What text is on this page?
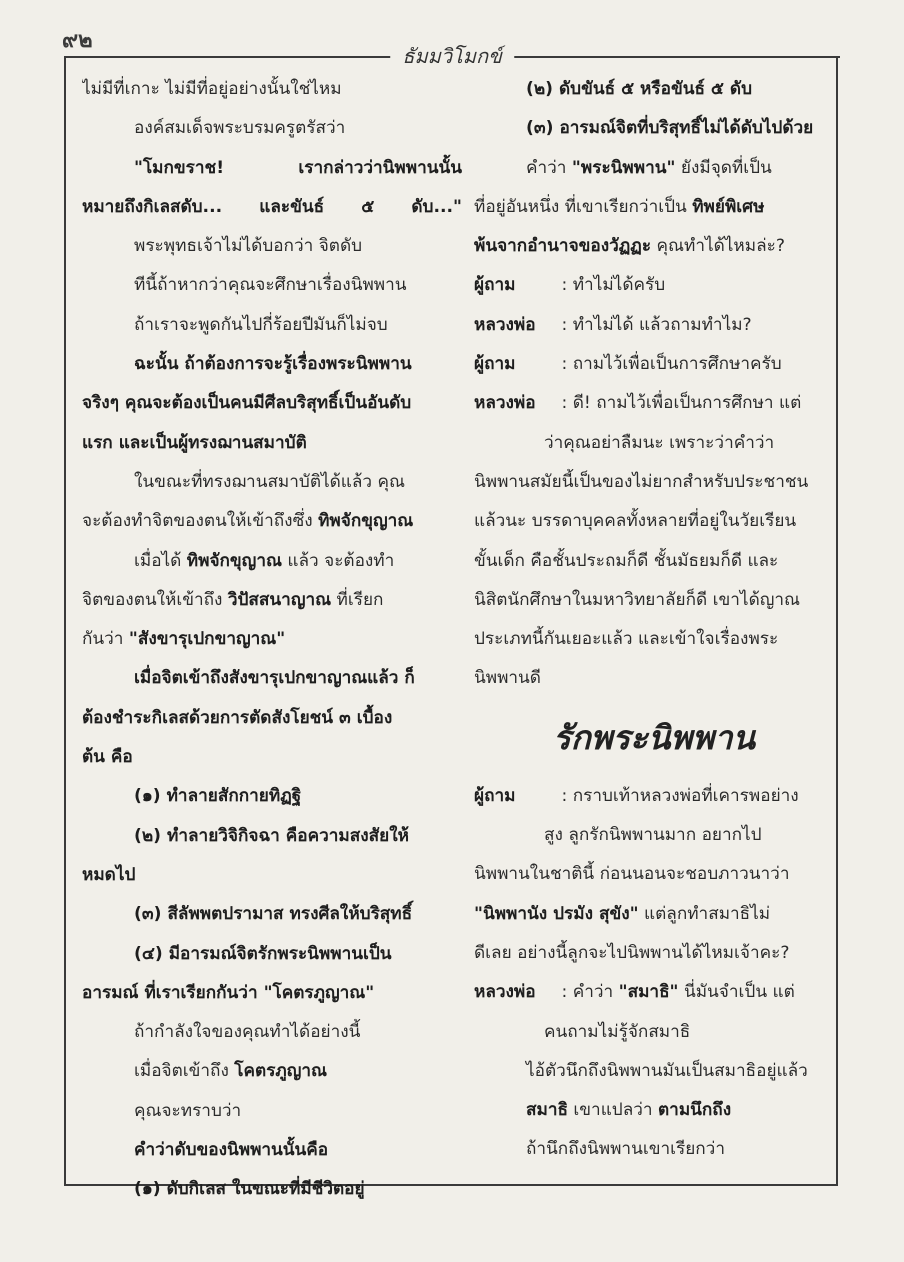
๙๒
ธัมมวิโมกข์
ไม่มีที่เกาะ ไม่มีที่อยู่อย่างนั้นใช่ไหม
องค์สมเด็จพระบรมครูตรัสว่า
"โมกขราช! เรากล่าวว่านิพพานนั้น
หมายถึงกิเลสดับ... และขันธ์ ๕ ดับ..."
พระพุทธเจ้าไม่ได้บอกว่า จิตดับ
ทีนี้ถ้าหากว่าคุณจะศึกษาเรื่องนิพพาน
ถ้าเราจะพูดกันไปกี่ร้อยปีมันก็ไม่จบ
ฉะนั้น ถ้าต้องการจะรู้เรื่องพระนิพพาน
จริงๆ คุณจะต้องเป็นคนมีศีลบริสุทธิ์เป็นอันดับ
แรก และเป็นผู้ทรงฌานสมาบัติ
ในขณะที่ทรงฌานสมาบัติได้แล้ว คุณ
จะต้องทำจิตของตนให้เข้าถึงซึ่ง ทิพจักขุญาณ
เมื่อได้ ทิพจักขุญาณ แล้ว จะต้องทำ
จิตของตนให้เข้าถึง วิปัสสนาญาณ ที่เรียก
กันว่า "สังขารุเปกขาญาณ"
เมื่อจิตเข้าถึงสังขารุเปกขาญาณแล้ว ก็
ต้องชำระกิเลสด้วยการตัดสังโยชน์ ๓ เบื้อง
ต้น คือ
(๑) ทำลายสักกายทิฏฐิ
(๒) ทำลายวิจิกิจฉา คือความสงสัยให้
หมดไป
(๓) สีลัพพตปรามาส ทรงศีลให้บริสุทธิ์
(๔) มีอารมณ์จิตรักพระนิพพานเป็น
อารมณ์ ที่เราเรียกกันว่า "โคตรภูญาณ"
ถ้ากำลังใจของคุณทำได้อย่างนี้
เมื่อจิตเข้าถึง โคตรภูญาณ
คุณจะทราบว่า
คำว่าดับของนิพพานนั้นคือ
(๑) ดับกิเลส ในขณะที่มีชีวิตอยู่
(๒) ดับขันธ์ ๕ หรือขันธ์ ๕ ดับ
(๓) อารมณ์จิตที่บริสุทธิ์ไม่ได้ดับไปด้วย
คำว่า "พระนิพพาน" ยังมีจุดที่เป็น
ที่อยู่อันหนึ่ง ที่เขาเรียกว่าเป็น ทิพย์พิเศษ
พ้นจากอำนาจของวัฏฏะ คุณทำได้ไหมล่ะ?
ผู้ถาม : ทำไม่ได้ครับ
หลวงพ่อ : ทำไม่ได้ แล้วถามทำไม?
ผู้ถาม : ถามไว้เพื่อเป็นการศึกษาครับ
หลวงพ่อ : ดี! ถามไว้เพื่อเป็นการศึกษา แต่
ว่าคุณอย่าลืมนะ เพราะว่าคำว่า
นิพพานสมัยนี้เป็นของไม่ยากสำหรับประชาชน
แล้วนะ บรรดาบุคคลทั้งหลายที่อยู่ในวัยเรียน
ขั้นเด็ก คือชั้นประถมก็ดี ชั้นมัธยมก็ดี และ
นิสิตนักศึกษาในมหาวิทยาลัยก็ดี เขาได้ญาณ
ประเภทนี้กันเยอะแล้ว และเข้าใจเรื่องพระ
นิพพานดี
รักพระนิพพาน
ผู้ถาม : กราบเท้าหลวงพ่อที่เคารพอย่าง
สูง ลูกรักนิพพานมาก อยากไป
นิพพานในชาตินี้ ก่อนนอนจะชอบภาวนาว่า
"นิพพานัง ปรมัง สุขัง" แต่ลูกทำสมาธิไม่
ดีเลย อย่างนี้ลูกจะไปนิพพานได้ไหมเจ้าคะ?
หลวงพ่อ : คำว่า "สมาธิ" นี่มันจำเป็น แต่
คนถามไม่รู้จักสมาธิ
ไอ้ตัวนึกถึงนิพพานมันเป็นสมาธิอยู่แล้ว
สมาธิ เขาแปลว่า ตามนึกถึง
ถ้านึกถึงนิพพานเขาเรียกว่า
